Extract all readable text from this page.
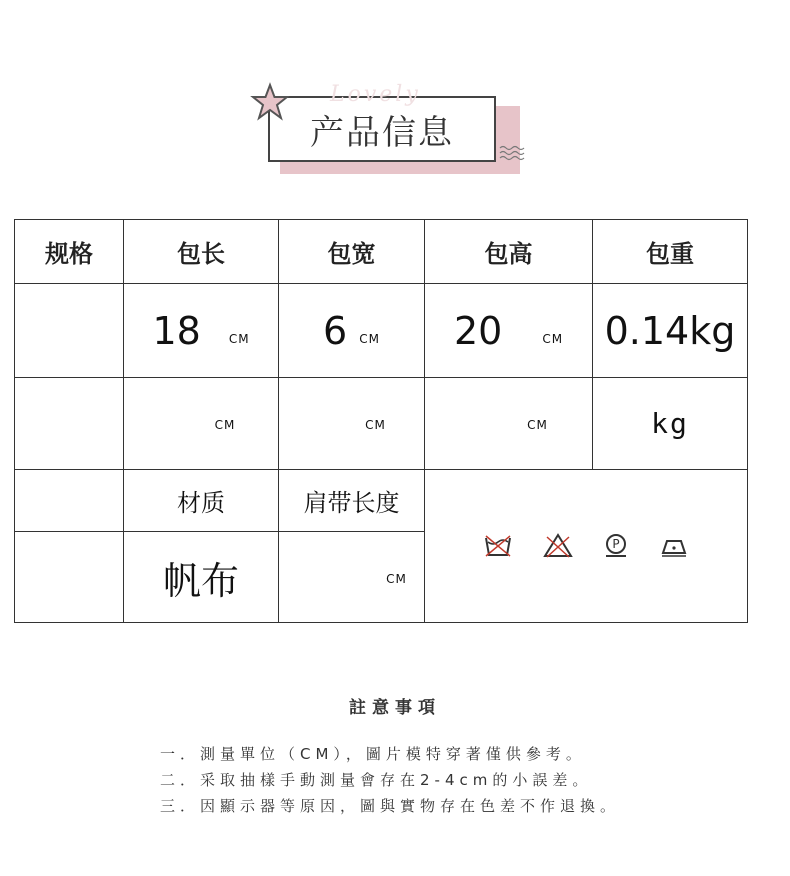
产品信息
Lovely
规格	包长	包宽	包高	包重
	18 CM	6 CM	20 CM	0.14kg
	CM	CM	CM	kg
	材质	肩带长度	P	

	帆布	CM		
註意事項
一．測量單位（CM），圖片模特穿著僅供參考。
二．采取抽樣手動測量會存在2-4cm的小誤差。
三．因顯示器等原因，圖與實物存在色差不作退換。
